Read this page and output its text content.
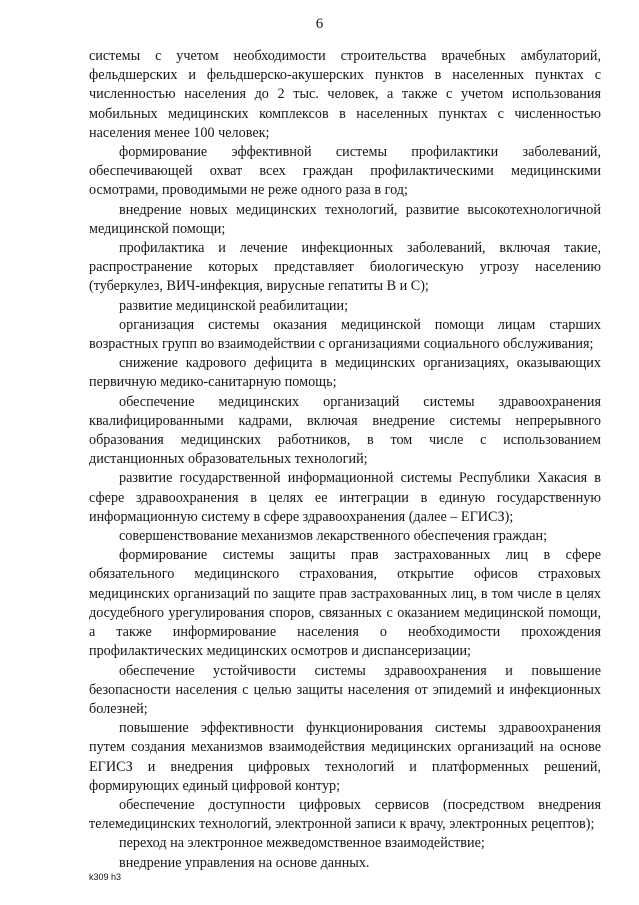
6

системы с учетом необходимости строительства врачебных амбулаторий, фельдшерских и фельдшерско-акушерских пунктов в населенных пунктах с численностью населения до 2 тыс. человек, а также с учетом использования мобильных медицинских комплексов в населенных пунктах с численностью населения менее 100 человек;

формирование эффективной системы профилактики заболеваний, обеспечивающей охват всех граждан профилактическими медицинскими осмотрами, проводимыми не реже одного раза в год;

внедрение новых медицинских технологий, развитие высокотехнологичной медицинской помощи;

профилактика и лечение инфекционных заболеваний, включая такие, распространение которых представляет биологическую угрозу населению (туберкулез, ВИЧ-инфекция, вирусные гепатиты В и С);

развитие медицинской реабилитации;

организация системы оказания медицинской помощи лицам старших возрастных групп во взаимодействии с организациями социального обслуживания;

снижение кадрового дефицита в медицинских организациях, оказывающих первичную медико-санитарную помощь;

обеспечение медицинских организаций системы здравоохранения квалифицированными кадрами, включая внедрение системы непрерывного образования медицинских работников, в том числе с использованием дистанционных образовательных технологий;

развитие государственной информационной системы Республики Хакасия в сфере здравоохранения в целях ее интеграции в единую государственную информационную систему в сфере здравоохранения (далее – ЕГИСЗ);

совершенствование механизмов лекарственного обеспечения граждан;

формирование системы защиты прав застрахованных лиц в сфере обязательного медицинского страхования, открытие офисов страховых медицинских организаций по защите прав застрахованных лиц, в том числе в целях досудебного урегулирования споров, связанных с оказанием медицинской помощи, а также информирование населения о необходимости прохождения профилактических медицинских осмотров и диспансеризации;

обеспечение устойчивости системы здравоохранения и повышение безопасности населения с целью защиты населения от эпидемий и инфекционных болезней;

повышение эффективности функционирования системы здравоохранения путем создания механизмов взаимодействия медицинских организаций на основе ЕГИСЗ и внедрения цифровых технологий и платформенных решений, формирующих единый цифровой контур;

обеспечение доступности цифровых сервисов (посредством внедрения телемедицинских технологий, электронной записи к врачу, электронных рецептов);

переход на электронное межведомственное взаимодействие;

внедрение управления на основе данных.

k309 h3
